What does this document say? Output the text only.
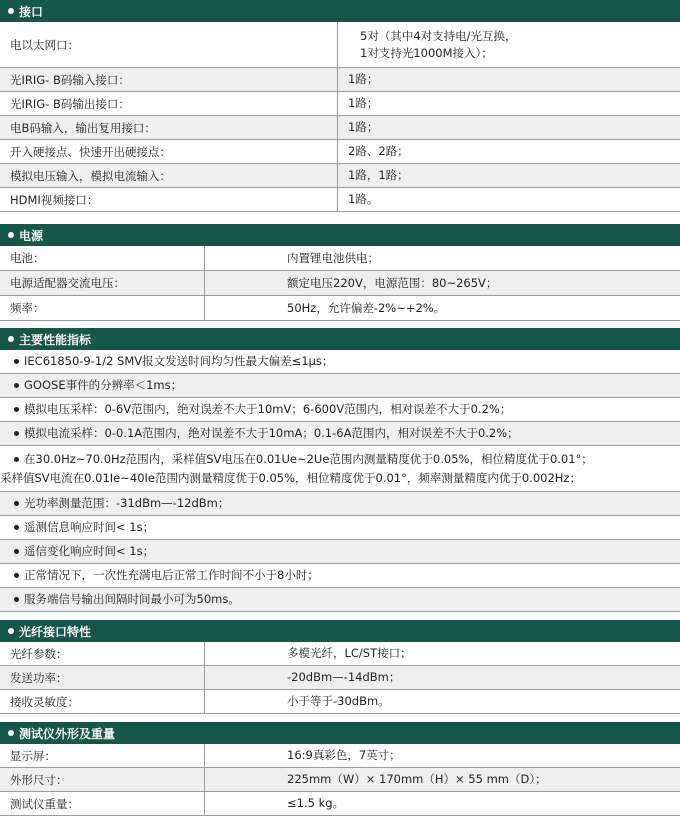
接口
电以太网口：
5对（其中4对支持电/光互换，
1对支持光1000M接入）；
光IRIG- B码输入接口：	1路；
光IRIG- B码输出接口：	1路；
电B码输入，输出复用接口：	1路；
开入硬接点、快速开出硬接点：	2路、2路；
模拟电压输入，模拟电流输入：	1路，1路；
HDMI视频接口：	1路。
电源
电池：	内置锂电池供电；
电源适配器交流电压：	额定电压220V，电源范围：80~265V；
频率：	50Hz，允许偏差-2%~+2%。
主要性能指标
IEC61850-9-1/2 SMV报文发送时间均匀性最大偏差≤1μs；
GOOSE事件的分辨率＜1ms；
模拟电压采样：0-6V范围内，绝对误差不大于10mV；6-600V范围内，相对误差不大于0.2%；
模拟电流采样：0-0.1A范围内，绝对误差不大于10mA；0.1-6A范围内，相对误差不大于0.2%；
在30.0Hz~70.0Hz范围内，采样值SV电压在0.01Ue~2Ue范围内测量精度优于0.05%，相位精度优于0.01°；
采样值SV电流在0.01Ie~40Ie范围内测量精度优于0.05%，相位精度优于0.01°，频率测量精度内优于0.002Hz；
光功率测量范围：-31dBm—-12dBm；
遥测信息响应时间< 1s；
遥信变化响应时间< 1s；
正常情况下，一次性充满电后正常工作时间不小于8小时；
服务端信号输出间隔时间最小可为50ms。
光纤接口特性
光纤参数：	多模光纤，LC/ST接口；
发送功率：	-20dBm—-14dBm；
接收灵敏度：	小于等于-30dBm。
测试仪外形及重量
显示屏：	16:9真彩色，7英寸；
外形尺寸：	225mm（W）× 170mm（H）× 55 mm（D）；
测试仪重量：	≤1.5 kg。
